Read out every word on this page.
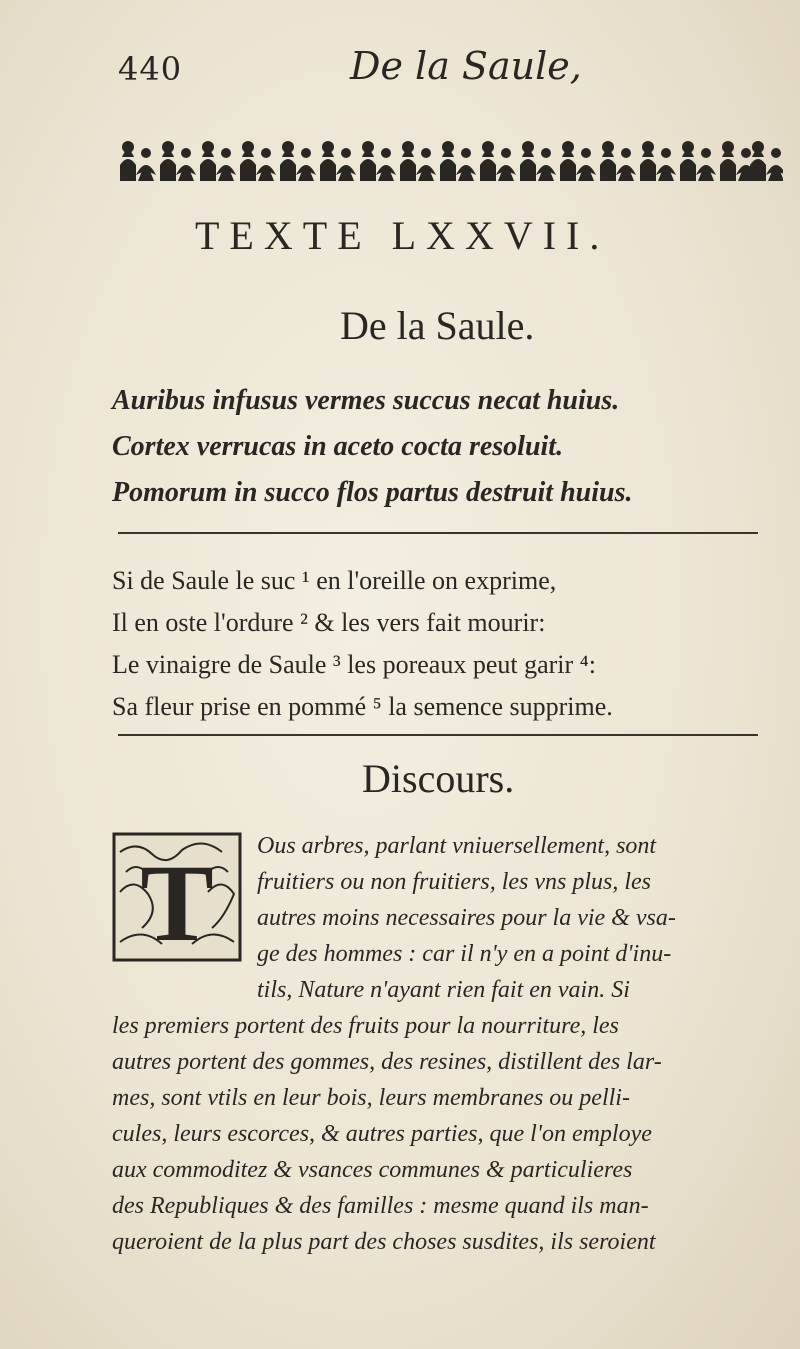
440	De la Saule,
TEXTE LXXVII.
De la Saule.
Auribus infusus vermes succus necat huius.
Cortex verrucas in aceto cocta resoluit.
Pomorum in succo flos partus destruit huius.
Si de Saule le suc ¹ en l'oreille on exprime,
Il en oste l'ordure ² & les vers fait mourir:
Le vinaigre de Saule ³ les poreaux peut garir ⁴:
Sa fleur prise en pommé ⁵ la semence supprime.
Discours.
T	Ous arbres, parlant vniuersellement, sont
fruitiers ou non fruitiers, les vns plus, les
autres moins necessaires pour la vie & vsa-
ge des hommes : car il n'y en a point d'inu-
tils, Nature n'ayant rien fait en vain. Si
les premiers portent des fruits pour la nourriture, les
autres portent des gommes, des resines, distillent des lar-
mes, sont vtils en leur bois, leurs membranes ou pelli-
cules, leurs escorces, & autres parties, que l'on employe
aux commoditez & vsances communes & particulieres
des Republiques & des familles : mesme quand ils man-
queroient de la plus part des choses susdites, ils seroient
